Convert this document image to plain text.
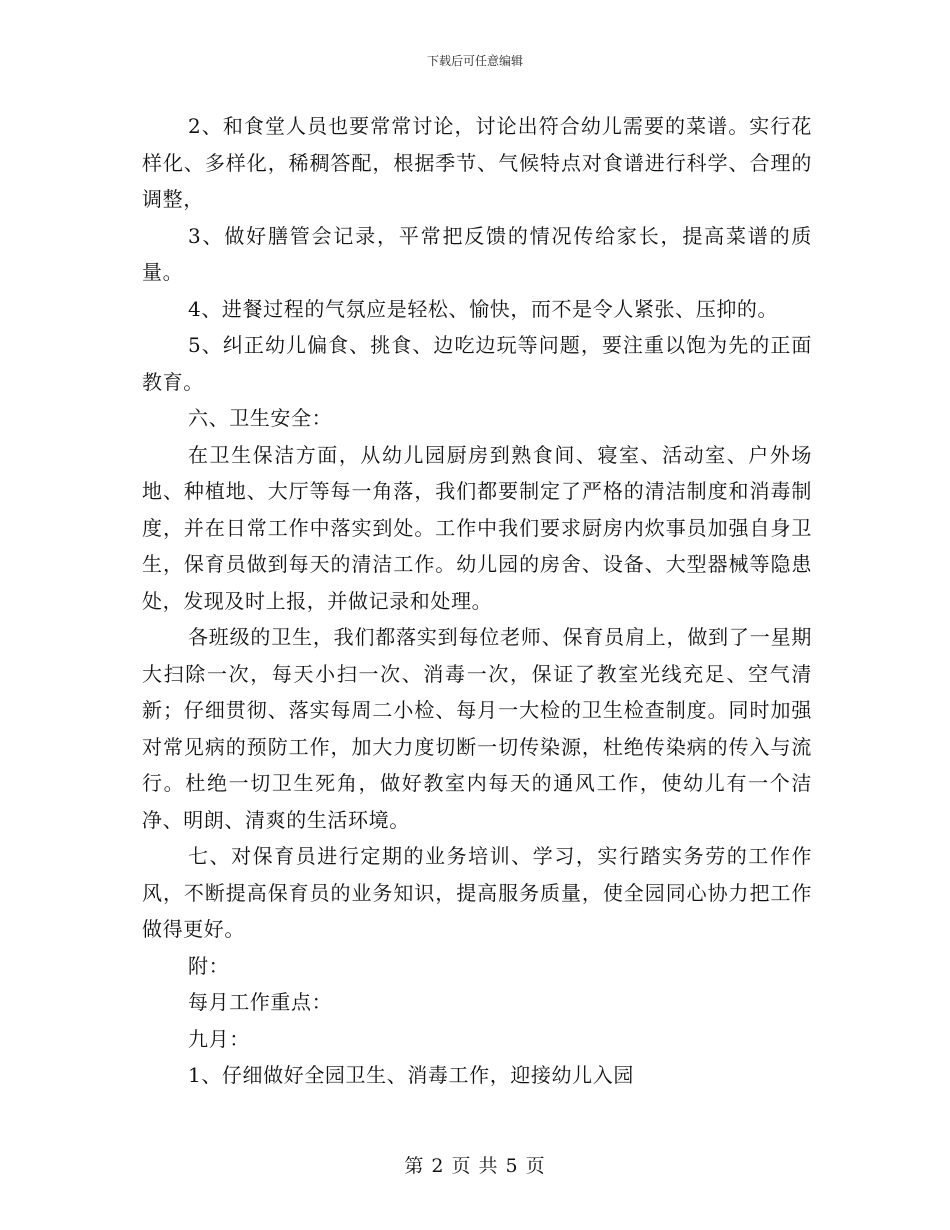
下载后可任意编辑

2、和食堂人员也要常常讨论，讨论出符合幼儿需要的菜谱。实行花样化、多样化，稀稠答配，根据季节、气候特点对食谱进行科学、合理的调整，

3、做好膳管会记录，平常把反馈的情况传给家长，提高菜谱的质量。

4、进餐过程的气氛应是轻松、愉快，而不是令人紧张、压抑的。

5、纠正幼儿偏食、挑食、边吃边玩等问题，要注重以饱为先的正面教育。

六、卫生安全：

在卫生保洁方面，从幼儿园厨房到熟食间、寝室、活动室、户外场地、种植地、大厅等每一角落，我们都要制定了严格的清洁制度和消毒制度，并在日常工作中落实到处。工作中我们要求厨房内炊事员加强自身卫生，保育员做到每天的清洁工作。幼儿园的房舍、设备、大型器械等隐患处，发现及时上报，并做记录和处理。

各班级的卫生，我们都落实到每位老师、保育员肩上，做到了一星期大扫除一次，每天小扫一次、消毒一次，保证了教室光线充足、空气清新；仔细贯彻、落实每周二小检、每月一大检的卫生检查制度。同时加强对常见病的预防工作，加大力度切断一切传染源，杜绝传染病的传入与流行。杜绝一切卫生死角，做好教室内每天的通风工作，使幼儿有一个洁净、明朗、清爽的生活环境。

七、对保育员进行定期的业务培训、学习，实行踏实务劳的工作作风，不断提高保育员的业务知识，提高服务质量，使全园同心协力把工作做得更好。

附：

每月工作重点：

九月：

1、仔细做好全园卫生、消毒工作，迎接幼儿入园

第 2 页 共 5 页
